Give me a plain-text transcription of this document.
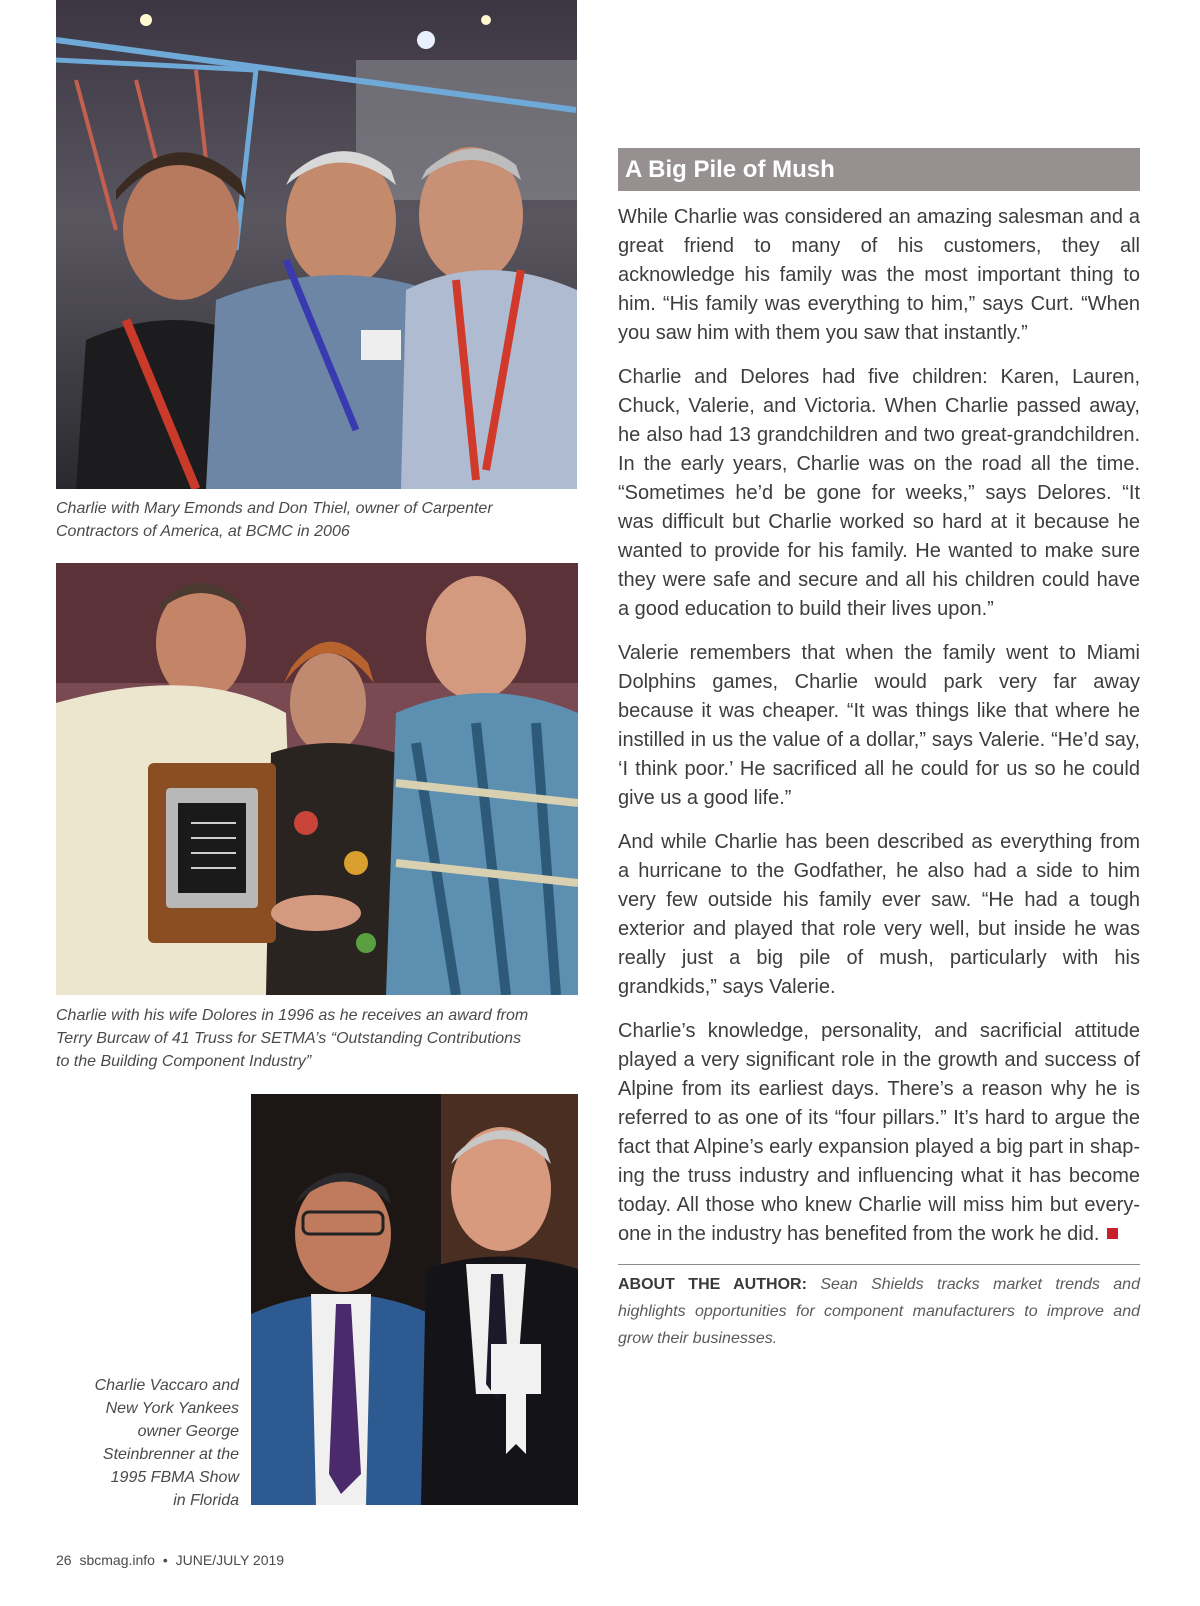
Charlie with Mary Emonds and Don Thiel, owner of Carpenter
Contractors of America, at BCMC in 2006
Charlie with his wife Dolores in 1996 as he receives an award from
Terry Burcaw of 41 Truss for SETMA’s “Outstanding Contributions
to the Building Component Industry”
Charlie Vaccaro and
New York Yankees
owner George
Steinbrenner at the
1995 FBMA Show
in Florida
A Big Pile of Mush

While Charlie was considered an amazing salesman and a great friend to many of his customers, they all acknowledge his family was the most important thing to him. “His family was everything to him,” says Curt. “When you saw him with them you saw that instantly.”

Charlie and Delores had five children: Karen, Lauren, Chuck, Valerie, and Victoria. When Charlie passed away, he also had 13 grandchildren and two great-grandchildren. In the early years, Charlie was on the road all the time. “Sometimes he’d be gone for weeks,” says Delores. “It was difficult but Charlie worked so hard at it because he wanted to provide for his family. He wanted to make sure they were safe and secure and all his children could have a good education to build their lives upon.”

Valerie remembers that when the family went to Miami Dolphins games, Charlie would park very far away because it was cheaper. “It was things like that where he instilled in us the value of a dollar,” says Valerie. “He’d say, ‘I think poor.’ He sacrificed all he could for us so he could give us a good life.”

And while Charlie has been described as everything from a hurricane to the Godfather, he also had a side to him very few outside his family ever saw. “He had a tough exterior and played that role very well, but inside he was really just a big pile of mush, particularly with his grandkids,” says Valerie.

Charlie’s knowledge, personality, and sacrificial attitude played a very significant role in the growth and success of Alpine from its earliest days. There’s a reason why he is referred to as one of its “four pillars.” It’s hard to argue the fact that Alpine’s early expansion played a big part in shaping the truss industry and influencing what it has become today. All those who knew Charlie will miss him but everyone in the industry has benefited from the work he did.

ABOUT THE AUTHOR: Sean Shields tracks market trends and highlights opportunities for component manufacturers to improve and grow their businesses.
26 sbcmag.info • JUNE/JULY 2019
